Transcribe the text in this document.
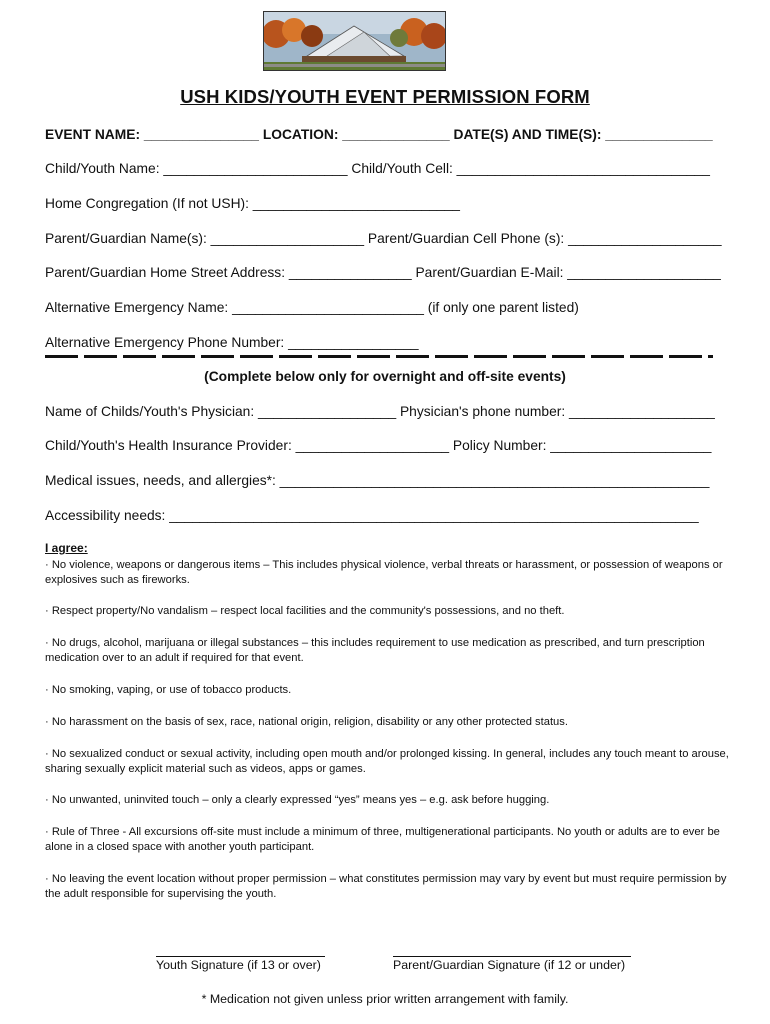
USH KIDS/YOUTH EVENT PERMISSION FORM
EVENT NAME: _______________ LOCATION: ______________ DATE(S) AND TIME(S): ______________
Child/Youth Name: ________________________ Child/Youth Cell: _________________________________
Home Congregation (If not USH): ___________________________
Parent/Guardian Name(s): ____________________ Parent/Guardian Cell Phone (s): ____________________
Parent/Guardian Home Street Address: ________________ Parent/Guardian E-Mail: ____________________
Alternative Emergency Name: _________________________ (if only one parent listed)
Alternative Emergency Phone Number: _________________
(Complete below only for overnight and off-site events)
Name of Childs/Youth's Physician: __________________ Physician's phone number: ___________________
Child/Youth's Health Insurance Provider: ____________________ Policy Number: _____________________
Medical issues, needs, and allergies*: ________________________________________________________
Accessibility needs: _____________________________________________________________________
I agree:
· No violence, weapons or dangerous items – This includes physical violence, verbal threats or harassment, or possession of weapons or explosives such as fireworks.
· Respect property/No vandalism – respect local facilities and the community's possessions, and no theft.
· No drugs, alcohol, marijuana or illegal substances – this includes requirement to use medication as prescribed, and turn prescription medication over to an adult if required for that event.
· No smoking, vaping, or use of tobacco products.
· No harassment on the basis of sex, race, national origin, religion, disability or any other protected status.
· No sexualized conduct or sexual activity, including open mouth and/or prolonged kissing. In general, includes any touch meant to arouse, sharing sexually explicit material such as videos, apps or games.
· No unwanted, uninvited touch – only a clearly expressed “yes” means yes – e.g. ask before hugging.
· Rule of Three - All excursions off-site must include a minimum of three, multigenerational participants. No youth or adults are to ever be alone in a closed space with another youth participant.
· No leaving the event location without proper permission – what constitutes permission may vary by event but must require permission by the adult responsible for supervising the youth.
Youth Signature (if 13 or over)	Parent/Guardian Signature (if 12 or under)
* Medication not given unless prior written arrangement with family.
